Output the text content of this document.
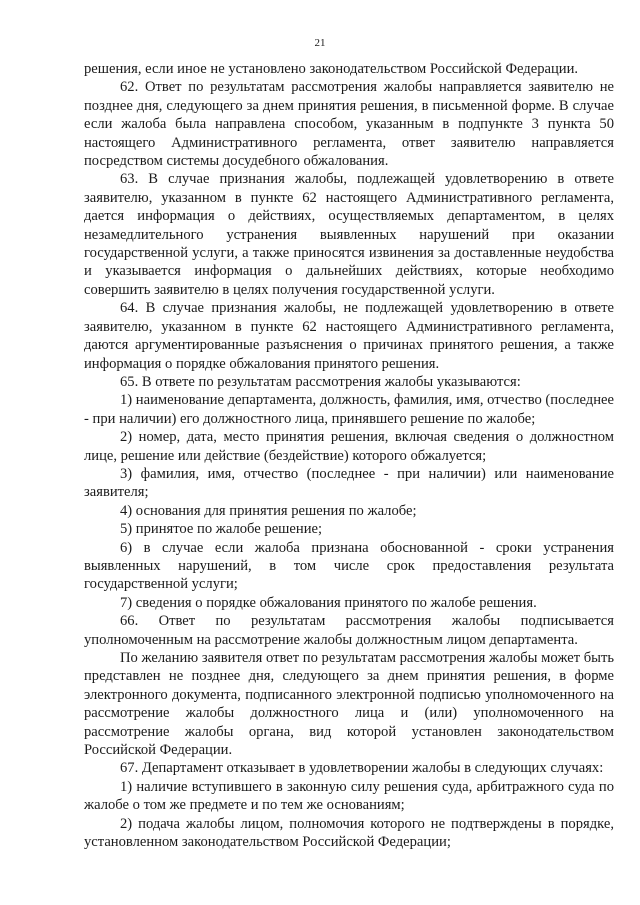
21

решения, если иное не установлено законодательством Российской Федерации.

62. Ответ по результатам рассмотрения жалобы направляется заявителю не позднее дня, следующего за днем принятия решения, в письменной форме. В случае если жалоба была направлена способом, указанным в подпункте 3 пункта 50 настоящего Административного регламента, ответ заявителю направляется посредством системы досудебного обжалования.

63. В случае признания жалобы, подлежащей удовлетворению в ответе заявителю, указанном в пункте 62 настоящего Административного регламента, дается информация о действиях, осуществляемых департаментом, в целях незамедлительного устранения выявленных нарушений при оказании государственной услуги, а также приносятся извинения за доставленные неудобства и указывается информация о дальнейших действиях, которые необходимо совершить заявителю в целях получения государственной услуги.

64. В случае признания жалобы, не подлежащей удовлетворению в ответе заявителю, указанном в пункте 62 настоящего Административного регламента, даются аргументированные разъяснения о причинах принятого решения, а также информация о порядке обжалования принятого решения.

65. В ответе по результатам рассмотрения жалобы указываются:

1) наименование департамента, должность, фамилия, имя, отчество (последнее - при наличии) его должностного лица, принявшего решение по жалобе;

2) номер, дата, место принятия решения, включая сведения о должностном лице, решение или действие (бездействие) которого обжалуется;

3) фамилия, имя, отчество (последнее - при наличии) или наименование заявителя;

4) основания для принятия решения по жалобе;

5) принятое по жалобе решение;

6) в случае если жалоба признана обоснованной - сроки устранения выявленных нарушений, в том числе срок предоставления результата государственной услуги;

7) сведения о порядке обжалования принятого по жалобе решения.

66. Ответ по результатам рассмотрения жалобы подписывается уполномоченным на рассмотрение жалобы должностным лицом департамента.

По желанию заявителя ответ по результатам рассмотрения жалобы может быть представлен не позднее дня, следующего за днем принятия решения, в форме электронного документа, подписанного электронной подписью уполномоченного на рассмотрение жалобы должностного лица и (или) уполномоченного на рассмотрение жалобы органа, вид которой установлен законодательством Российской Федерации.

67. Департамент отказывает в удовлетворении жалобы в следующих случаях:

1) наличие вступившего в законную силу решения суда, арбитражного суда по жалобе о том же предмете и по тем же основаниям;

2) подача жалобы лицом, полномочия которого не подтверждены в порядке, установленном законодательством Российской Федерации;
